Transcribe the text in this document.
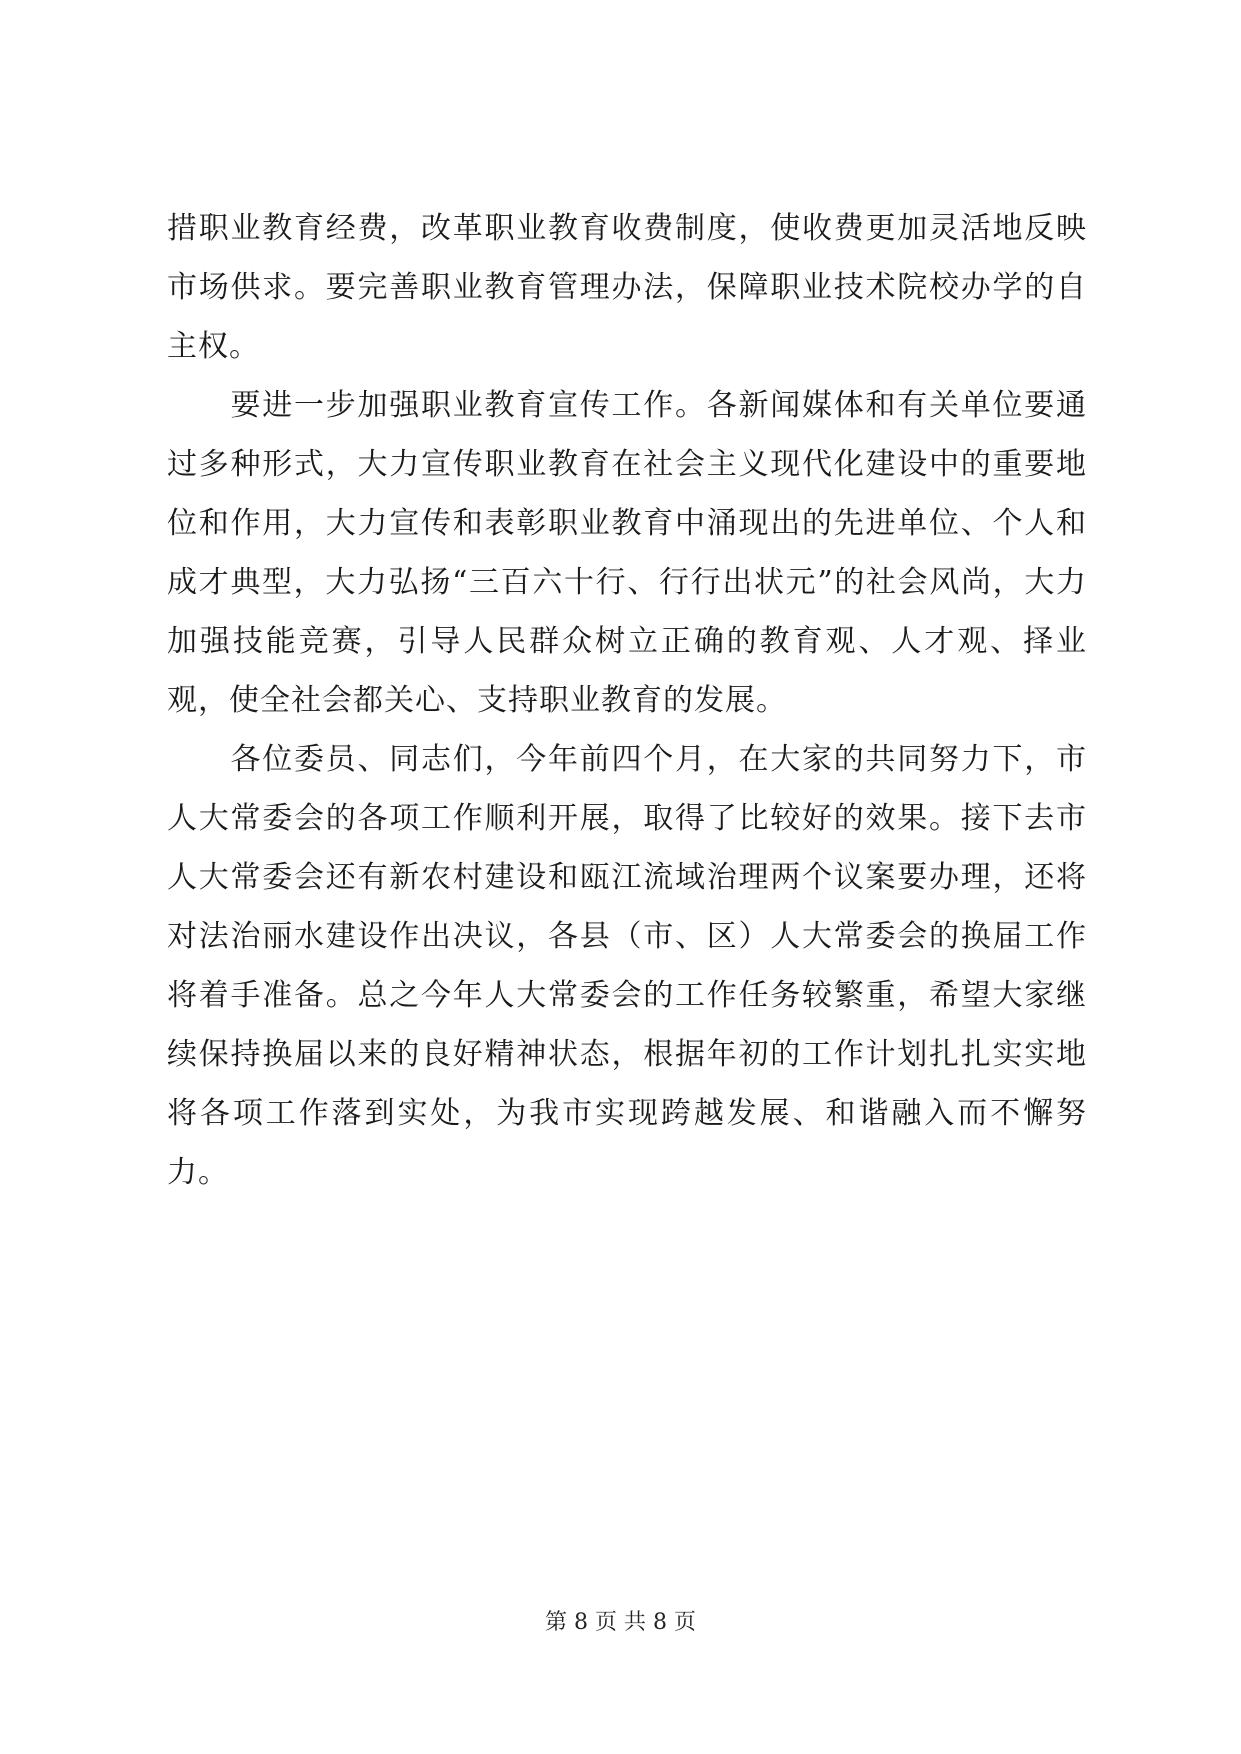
措职业教育经费，改革职业教育收费制度，使收费更加灵活地反映市场供求。要完善职业教育管理办法，保障职业技术院校办学的自主权。

　　要进一步加强职业教育宣传工作。各新闻媒体和有关单位要通过多种形式，大力宣传职业教育在社会主义现代化建设中的重要地位和作用，大力宣传和表彰职业教育中涌现出的先进单位、个人和成才典型，大力弘扬“三百六十行、行行出状元”的社会风尚，大力加强技能竞赛，引导人民群众树立正确的教育观、人才观、择业观，使全社会都关心、支持职业教育的发展。

　　各位委员、同志们，今年前四个月，在大家的共同努力下，市人大常委会的各项工作顺利开展，取得了比较好的效果。接下去市人大常委会还有新农村建设和瓯江流域治理两个议案要办理，还将对法治丽水建设作出决议，各县（市、区）人大常委会的换届工作将着手准备。总之今年人大常委会的工作任务较繁重，希望大家继续保持换届以来的良好精神状态，根据年初的工作计划扎扎实实地将各项工作落到实处，为我市实现跨越发展、和谐融入而不懈努力。

第 8 页 共 8 页
